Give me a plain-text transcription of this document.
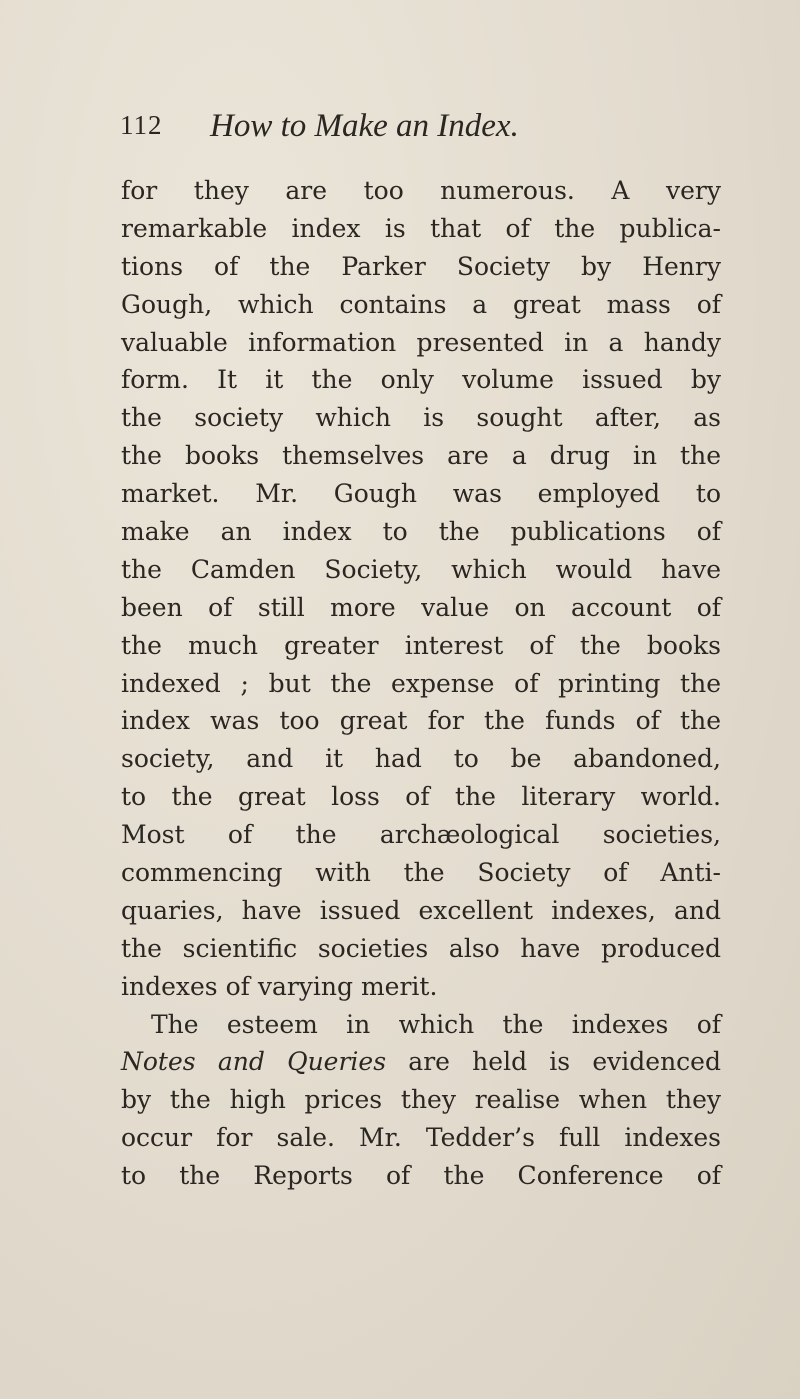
112 How to Make an Index.
for they are too numerous. A very
remarkable index is that of the publica-
tions of the Parker Society by Henry
Gough, which contains a great mass of
valuable information presented in a handy
form. It it the only volume issued by
the society which is sought after, as
the books themselves are a drug in the
market. Mr. Gough was employed to
make an index to the publications of
the Camden Society, which would have
been of still more value on account of
the much greater interest of the books
indexed ; but the expense of printing the
index was too great for the funds of the
society, and it had to be abandoned,
to the great loss of the literary world.
Most of the archæological societies,
commencing with the Society of Anti-
quaries, have issued excellent indexes, and
the scientific societies also have produced
indexes of varying merit.
The esteem in which the indexes of
Notes and Queries are held is evidenced
by the high prices they realise when they
occur for sale. Mr. Tedder’s full indexes
to the Reports of the Conference of
